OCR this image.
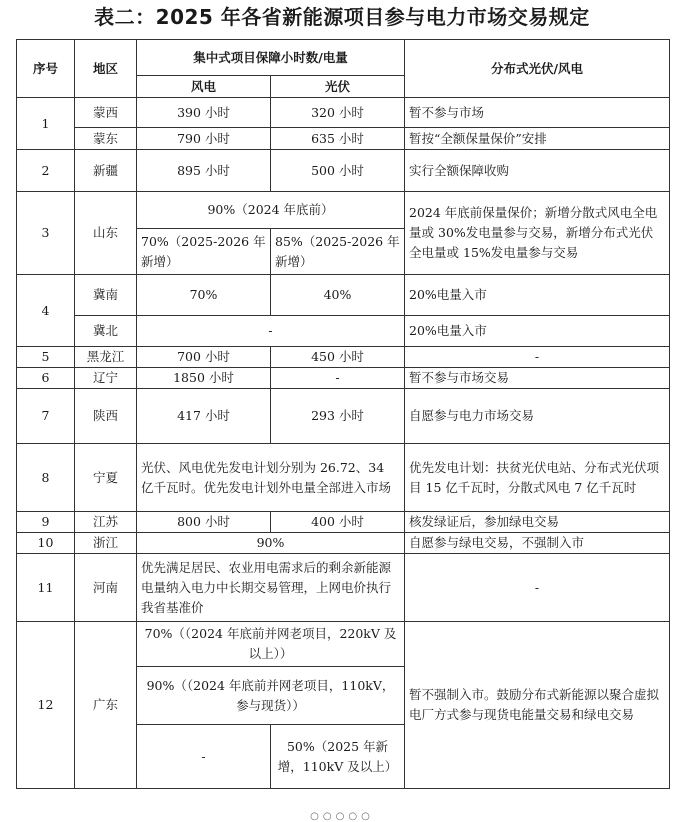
表二：2025 年各省新能源项目参与电力市场交易规定
序号	地区	集中式项目保障小时数/电量		分布式光伏/风电
		风电	光伏	
1	蒙西	390 小时	320 小时	暂不参与市场
	蒙东	790 小时	635 小时	暂按“全额保量保价”安排
2	新疆	895 小时	500 小时	实行全额保障收购
3	山东	90%（2024 年底前）		2024 年底前保量保价；新增分散式风电全电量或 30%发电量参与交易，新增分布式光伏全电量或 15%发电量参与交易
		70%（2025-2026 年新增）	85%（2025-2026 年新增）	
4	冀南	70%	40%	20%电量入市
	冀北	-		20%电量入市
5	黑龙江	700 小时	450 小时	-
6	辽宁	1850 小时	-	暂不参与市场交易
7	陕西	417 小时	293 小时	自愿参与电力市场交易
8	宁夏	光伏、风电优先发电计划分别为 26.72、34 亿千瓦时。优先发电计划外电量全部进入市场		优先发电计划：扶贫光伏电站、分布式光伏项目 15 亿千瓦时，分散式风电 7 亿千瓦时
9	江苏	800 小时	400 小时	核发绿证后，参加绿电交易
10	浙江	90%		自愿参与绿电交易，不强制入市
11	河南	优先满足居民、农业用电需求后的剩余新能源电量纳入电力中长期交易管理，上网电价执行我省基准价		-
12	广东	70%（（2024 年底前并网老项目，220kV 及以上））		暂不强制入市。鼓励分布式新能源以聚合虚拟电厂方式参与现货电能量交易和绿电交易
		90%（（2024 年底前并网老项目，110kV，参与现货））		
		-	50%（2025 年新增，110kV 及以上）	
○○○○○
